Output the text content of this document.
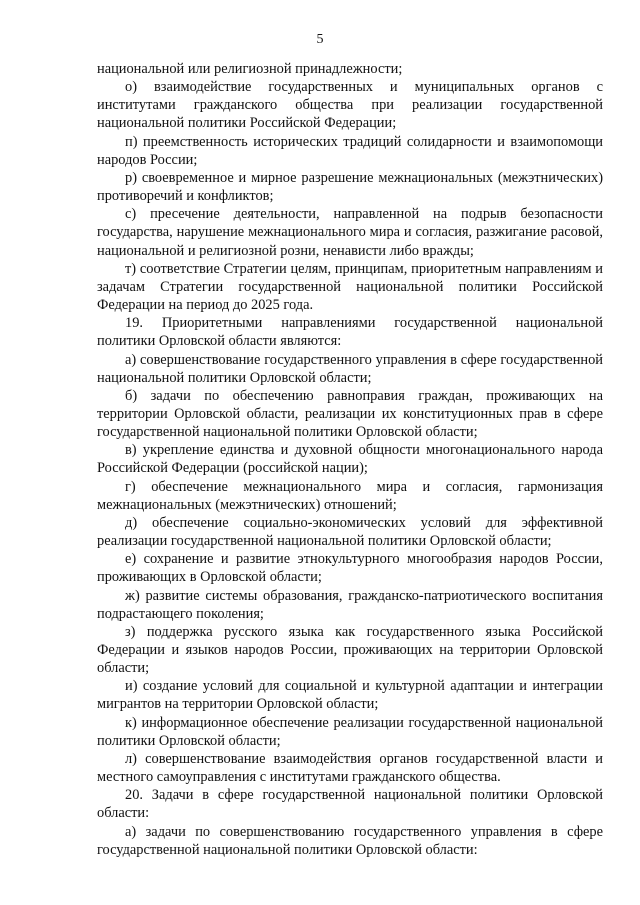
5

национальной или религиозной принадлежности;

о) взаимодействие государственных и муниципальных органов с институтами гражданского общества при реализации государственной национальной политики Российской Федерации;

п) преемственность исторических традиций солидарности и взаимопомощи народов России;

р) своевременное и мирное разрешение межнациональных (межэтнических) противоречий и конфликтов;

с) пресечение деятельности, направленной на подрыв безопасности государства, нарушение межнационального мира и согласия, разжигание расовой, национальной и религиозной розни, ненависти либо вражды;

т) соответствие Стратегии целям, принципам, приоритетным направлениям и задачам Стратегии государственной национальной политики Российской Федерации на период до 2025 года.

19. Приоритетными направлениями государственной национальной политики Орловской области являются:

а) совершенствование государственного управления в сфере государственной национальной политики Орловской области;

б) задачи по обеспечению равноправия граждан, проживающих на территории Орловской области, реализации их конституционных прав в сфере государственной национальной политики Орловской области;

в) укрепление единства и духовной общности многонационального народа Российской Федерации (российской нации);

г) обеспечение межнационального мира и согласия, гармонизация межнациональных (межэтнических) отношений;

д) обеспечение социально-экономических условий для эффективной реализации государственной национальной политики Орловской области;

е) сохранение и развитие этнокультурного многообразия народов России, проживающих в Орловской области;

ж) развитие системы образования, гражданско-патриотического воспитания подрастающего поколения;

з) поддержка русского языка как государственного языка Российской Федерации и языков народов России, проживающих на территории Орловской области;

и) создание условий для социальной и культурной адаптации и интеграции мигрантов на территории Орловской области;

к) информационное обеспечение реализации государственной национальной политики Орловской области;

л) совершенствование взаимодействия органов государственной власти и местного самоуправления с институтами гражданского общества.

20. Задачи в сфере государственной национальной политики Орловской области:

а) задачи по совершенствованию государственного управления в сфере государственной национальной политики Орловской области:
